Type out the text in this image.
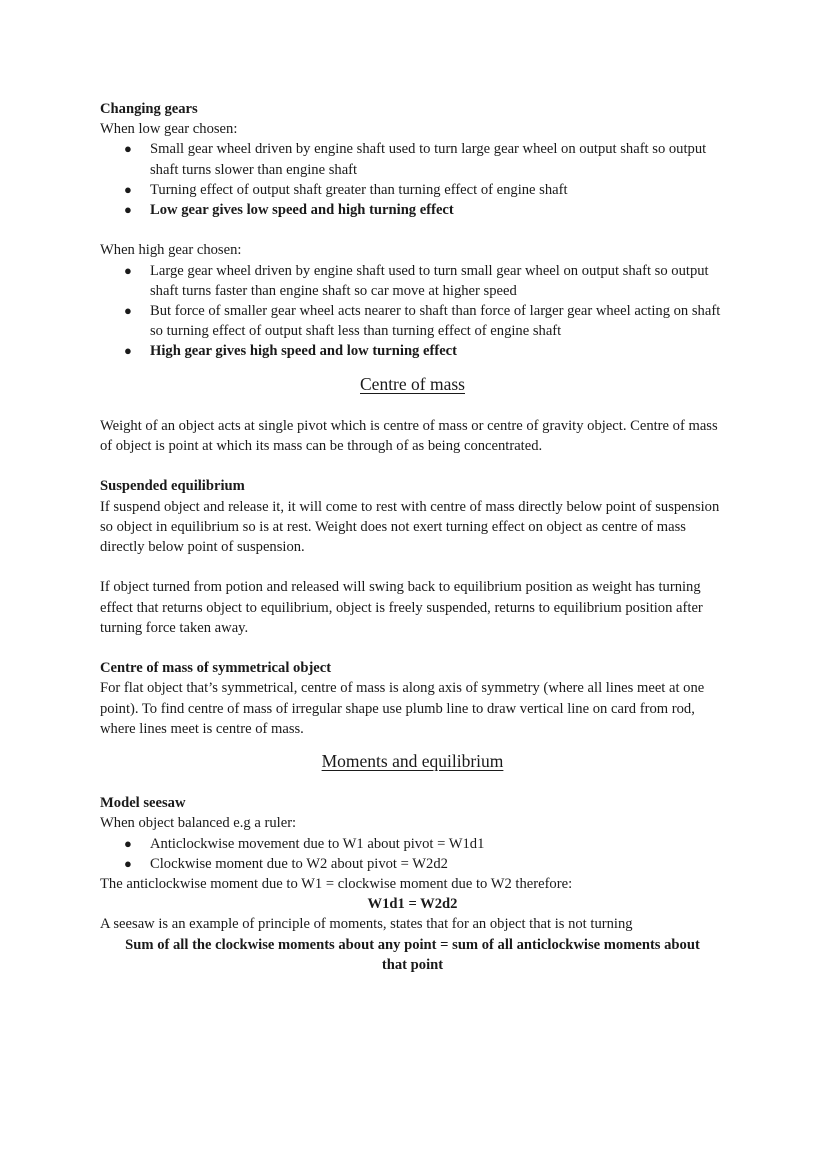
Changing gears

When low gear chosen:

● Small gear wheel driven by engine shaft used to turn large gear wheel on output shaft so output shaft turns slower than engine shaft
● Turning effect of output shaft greater than turning effect of engine shaft
● Low gear gives low speed and high turning effect

When high gear chosen:

● Large gear wheel driven by engine shaft used to turn small gear wheel on output shaft so output shaft turns faster than engine shaft so car move at higher speed
● But force of smaller gear wheel acts nearer to shaft than force of larger gear wheel acting on shaft so turning effect of output shaft less than turning effect of engine shaft
● High gear gives high speed and low turning effect

Centre of mass

Weight of an object acts at single pivot which is centre of mass or centre of gravity object. Centre of mass of object is point at which its mass can be through of as being concentrated.

Suspended equilibrium

If suspend object and release it, it will come to rest with centre of mass directly below point of suspension so object in equilibrium so is at rest. Weight does not exert turning effect on object as centre of mass directly below point of suspension.

If object turned from potion and released will swing back to equilibrium position as weight has turning effect that returns object to equilibrium, object is freely suspended, returns to equilibrium position after turning force taken away.

Centre of mass of symmetrical object

For flat object that’s symmetrical, centre of mass is along axis of symmetry (where all lines meet at one point). To find centre of mass of irregular shape use plumb line to draw vertical line on card from rod, where lines meet is centre of mass.

Moments and equilibrium

Model seesaw

When object balanced e.g a ruler:

● Anticlockwise movement due to W1 about pivot = W1d1
● Clockwise moment due to W2 about pivot = W2d2

The anticlockwise moment due to W1 = clockwise moment due to W2 therefore:

W1d1 = W2d2

A seesaw is an example of principle of moments, states that for an object that is not turning

Sum of all the clockwise moments about any point = sum of all anticlockwise moments about

that point
